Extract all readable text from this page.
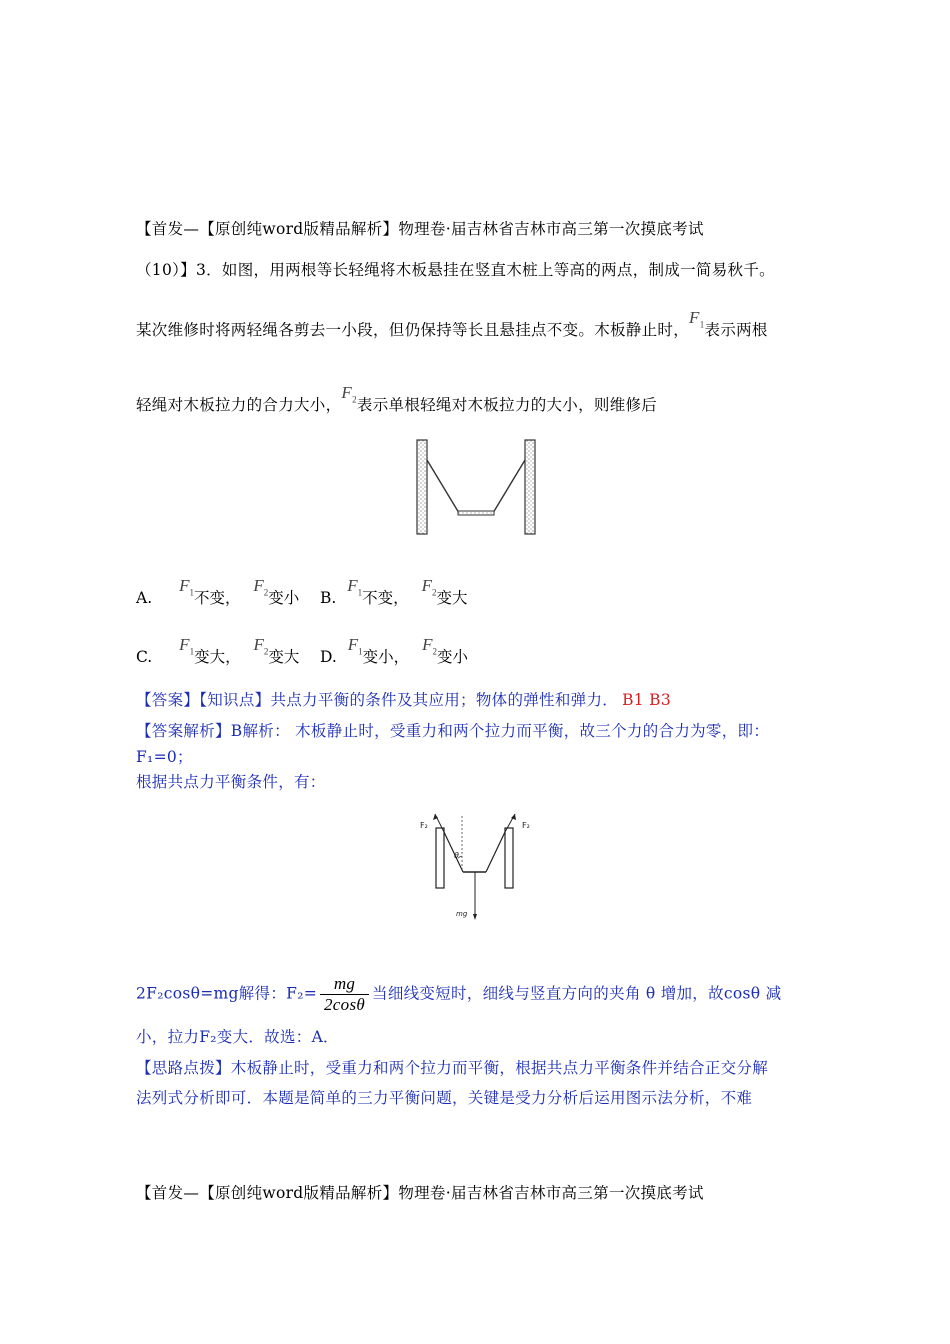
【首发—【原创纯word版精品解析】物理卷·届吉林省吉林市高三第一次摸底考试
（10）】3．如图，用两根等长轻绳将木板悬挂在竖直木桩上等高的两点，制成一简易秋千。
某次维修时将两轻绳各剪去一小段，但仍保持等长且悬挂点不变。木板静止时，$F_1$表示两根
轻绳对木板拉力的合力大小，$F_2$表示单根轻绳对木板拉力的大小，则维修后
A. $F_1$不变， $F_2$变小 B. $F_1$不变， $F_2$变大
C. $F_1$变大， $F_2$变大 D. $F_1$变小， $F_2$变小
【答案】【知识点】共点力平衡的条件及其应用；物体的弹性和弹力． B1 B3
【答案解析】B解析： 木板静止时，受重力和两个拉力而平衡，故三个力的合力为零，即：
F₁=0；
根据共点力平衡条件，有：
θ
F₂	F₂
mg
2F₂cosθ=mg解得：$F_2= \frac{mg}{2\cos\theta}$ 当细线变短时，细线与竖直方向的夹角 θ 增加，故cosθ 减
小，拉力F₂变大．故选：A．
【思路点拨】木板静止时，受重力和两个拉力而平衡，根据共点力平衡条件并结合正交分解
法列式分析即可．本题是简单的三力平衡问题，关键是受力分析后运用图示法分析，不难
【首发—【原创纯word版精品解析】物理卷·届吉林省吉林市高三第一次摸底考试
